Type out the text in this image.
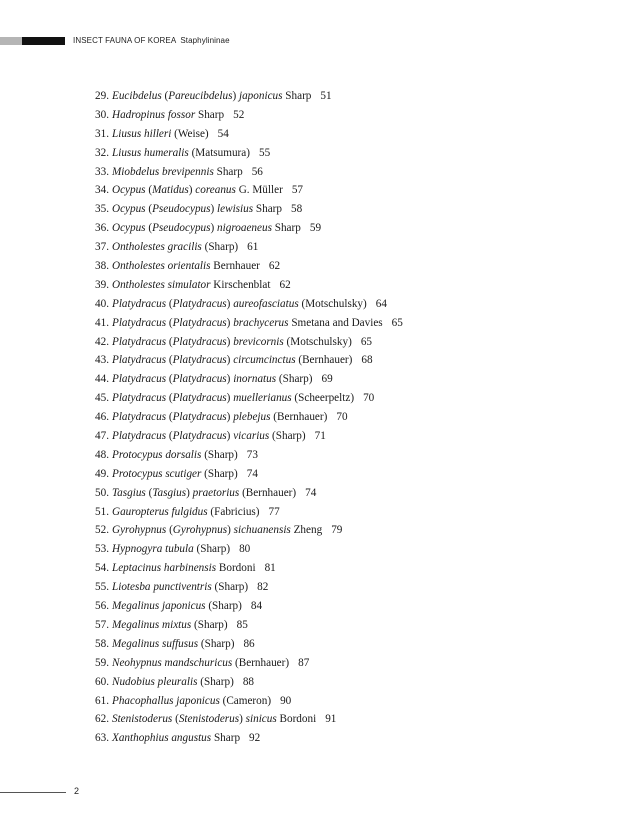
INSECT FAUNA OF KOREA Staphylininae
29. Eucibdelus (Pareucibdelus) japonicus Sharp 51
30. Hadropinus fossor Sharp 52
31. Liusus hilleri (Weise) 54
32. Liusus humeralis (Matsumura) 55
33. Miobdelus brevipennis Sharp 56
34. Ocypus (Matidus) coreanus G. Müller 57
35. Ocypus (Pseudocypus) lewisius Sharp 58
36. Ocypus (Pseudocypus) nigroaeneus Sharp 59
37. Ontholestes gracilis (Sharp) 61
38. Ontholestes orientalis Bernhauer 62
39. Ontholestes simulator Kirschenblat 62
40. Platydracus (Platydracus) aureofasciatus (Motschulsky) 64
41. Platydracus (Platydracus) brachycerus Smetana and Davies 65
42. Platydracus (Platydracus) brevicornis (Motschulsky) 65
43. Platydracus (Platydracus) circumcinctus (Bernhauer) 68
44. Platydracus (Platydracus) inornatus (Sharp) 69
45. Platydracus (Platydracus) muellerianus (Scheerpeltz) 70
46. Platydracus (Platydracus) plebejus (Bernhauer) 70
47. Platydracus (Platydracus) vicarius (Sharp) 71
48. Protocypus dorsalis (Sharp) 73
49. Protocypus scutiger (Sharp) 74
50. Tasgius (Tasgius) praetorius (Bernhauer) 74
51. Gauropterus fulgidus (Fabricius) 77
52. Gyrohypnus (Gyrohypnus) sichuanensis Zheng 79
53. Hypnogyra tubula (Sharp) 80
54. Leptacinus harbinensis Bordoni 81
55. Liotesba punctiventris (Sharp) 82
56. Megalinus japonicus (Sharp) 84
57. Megalinus mixtus (Sharp) 85
58. Megalinus suffusus (Sharp) 86
59. Neohypnus mandschuricus (Bernhauer) 87
60. Nudobius pleuralis (Sharp) 88
61. Phacophallus japonicus (Cameron) 90
62. Stenistoderus (Stenistoderus) sinicus Bordoni 91
63. Xanthophius angustus Sharp 92
2
